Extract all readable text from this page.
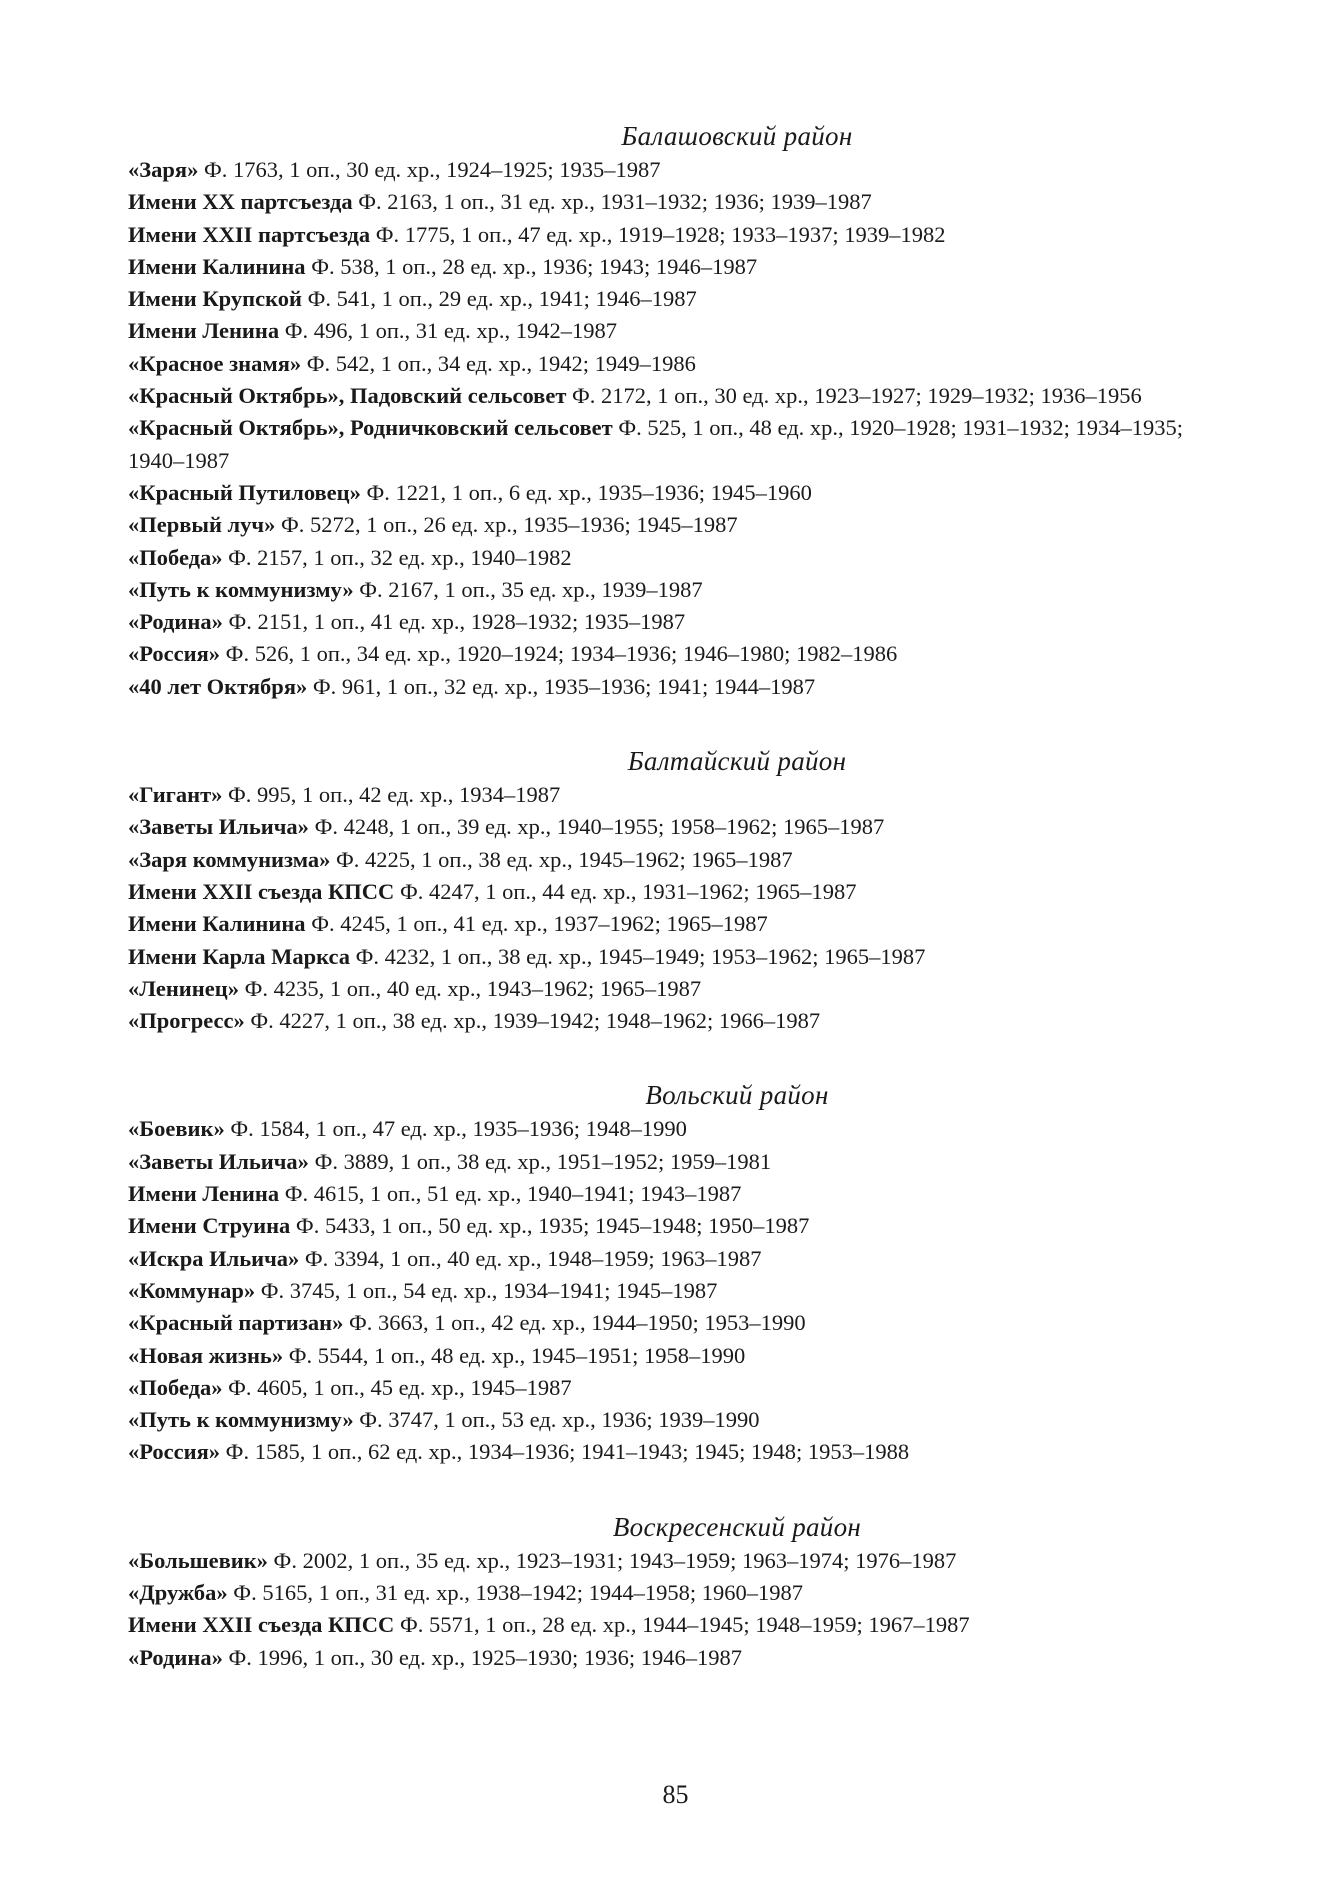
Балашовский район

«Заря» Ф. 1763, 1 оп., 30 ед. хр., 1924–1925; 1935–1987
Имени XX партсъезда Ф. 2163, 1 оп., 31 ед. хр., 1931–1932; 1936; 1939–1987
Имени XXII партсъезда Ф. 1775, 1 оп., 47 ед. хр., 1919–1928; 1933–1937; 1939–1982
Имени Калинина Ф. 538, 1 оп., 28 ед. хр., 1936; 1943; 1946–1987
Имени Крупской Ф. 541, 1 оп., 29 ед. хр., 1941; 1946–1987
Имени Ленина Ф. 496, 1 оп., 31 ед. хр., 1942–1987
«Красное знамя» Ф. 542, 1 оп., 34 ед. хр., 1942; 1949–1986
«Красный Октябрь», Падовский сельсовет Ф. 2172, 1 оп., 30 ед. хр., 1923–1927; 1929–1932; 1936–1956
«Красный Октябрь», Родничковский сельсовет Ф. 525, 1 оп., 48 ед. хр., 1920–1928; 1931–1932; 1934–1935; 1940–1987
«Красный Путиловец» Ф. 1221, 1 оп., 6 ед. хр., 1935–1936; 1945–1960
«Первый луч» Ф. 5272, 1 оп., 26 ед. хр., 1935–1936; 1945–1987
«Победа» Ф. 2157, 1 оп., 32 ед. хр., 1940–1982
«Путь к коммунизму» Ф. 2167, 1 оп., 35 ед. хр., 1939–1987
«Родина» Ф. 2151, 1 оп., 41 ед. хр., 1928–1932; 1935–1987
«Россия» Ф. 526, 1 оп., 34 ед. хр., 1920–1924; 1934–1936; 1946–1980; 1982–1986
«40 лет Октября» Ф. 961, 1 оп., 32 ед. хр., 1935–1936; 1941; 1944–1987

Балтайский район

«Гигант» Ф. 995, 1 оп., 42 ед. хр., 1934–1987
«Заветы Ильича» Ф. 4248, 1 оп., 39 ед. хр., 1940–1955; 1958–1962; 1965–1987
«Заря коммунизма» Ф. 4225, 1 оп., 38 ед. хр., 1945–1962; 1965–1987
Имени XXII съезда КПСС Ф. 4247, 1 оп., 44 ед. хр., 1931–1962; 1965–1987
Имени Калинина Ф. 4245, 1 оп., 41 ед. хр., 1937–1962; 1965–1987
Имени Карла Маркса Ф. 4232, 1 оп., 38 ед. хр., 1945–1949; 1953–1962; 1965–1987
«Ленинец» Ф. 4235, 1 оп., 40 ед. хр., 1943–1962; 1965–1987
«Прогресс» Ф. 4227, 1 оп., 38 ед. хр., 1939–1942; 1948–1962; 1966–1987

Вольский район

«Боевик» Ф. 1584, 1 оп., 47 ед. хр., 1935–1936; 1948–1990
«Заветы Ильича» Ф. 3889, 1 оп., 38 ед. хр., 1951–1952; 1959–1981
Имени Ленина Ф. 4615, 1 оп., 51 ед. хр., 1940–1941; 1943–1987
Имени Струина Ф. 5433, 1 оп., 50 ед. хр., 1935; 1945–1948; 1950–1987
«Искра Ильича» Ф. 3394, 1 оп., 40 ед. хр., 1948–1959; 1963–1987
«Коммунар» Ф. 3745, 1 оп., 54 ед. хр., 1934–1941; 1945–1987
«Красный партизан» Ф. 3663, 1 оп., 42 ед. хр., 1944–1950; 1953–1990
«Новая жизнь» Ф. 5544, 1 оп., 48 ед. хр., 1945–1951; 1958–1990
«Победа» Ф. 4605, 1 оп., 45 ед. хр., 1945–1987
«Путь к коммунизму» Ф. 3747, 1 оп., 53 ед. хр., 1936; 1939–1990
«Россия» Ф. 1585, 1 оп., 62 ед. хр., 1934–1936; 1941–1943; 1945; 1948; 1953–1988

Воскресенский район

«Большевик» Ф. 2002, 1 оп., 35 ед. хр., 1923–1931; 1943–1959; 1963–1974; 1976–1987
«Дружба» Ф. 5165, 1 оп., 31 ед. хр., 1938–1942; 1944–1958; 1960–1987
Имени XXII съезда КПСС Ф. 5571, 1 оп., 28 ед. хр., 1944–1945; 1948–1959; 1967–1987
«Родина» Ф. 1996, 1 оп., 30 ед. хр., 1925–1930; 1936; 1946–1987
85
